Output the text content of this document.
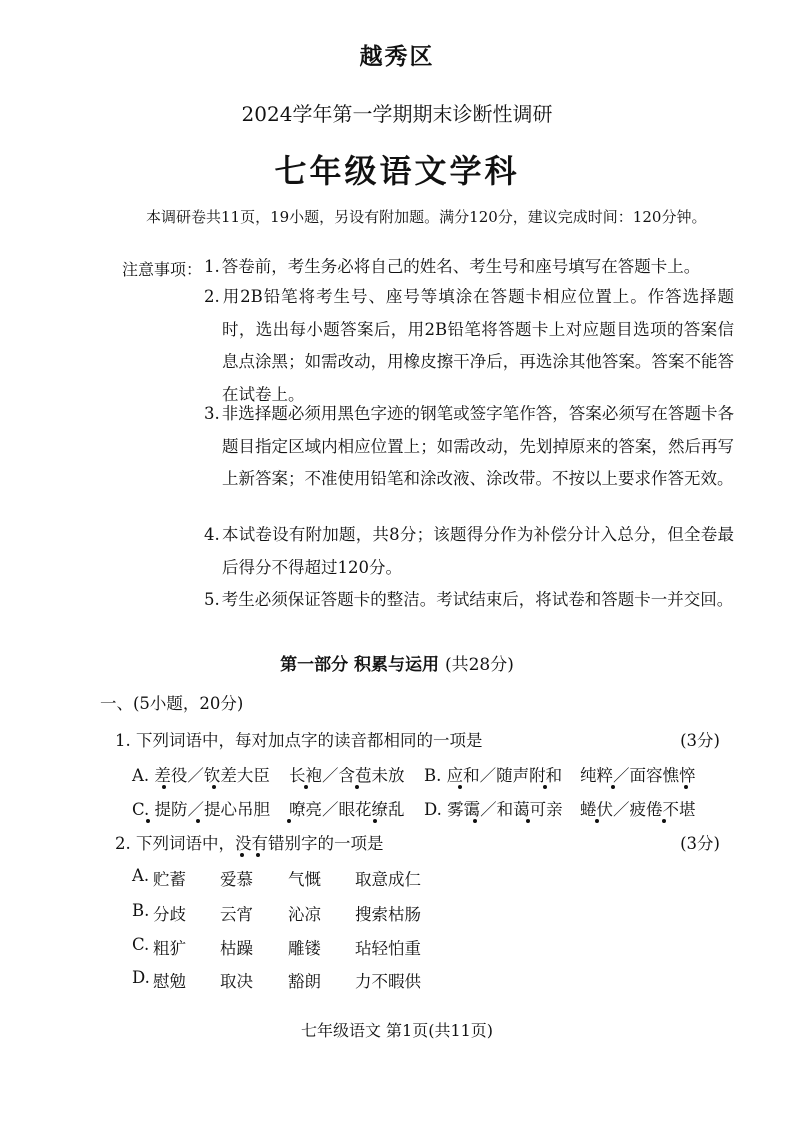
越秀区
2024学年第一学期期末诊断性调研
七年级语文学科
本调研卷共11页，19小题，另设有附加题。满分120分，建议完成时间：120分钟。
注意事项： 1. 答卷前，考生务必将自己的姓名、考生号和座号填写在答题卡上。
2. 用2B铅笔将考生号、座号等填涂在答题卡相应位置上。作答选择题时，选出每小题答案后，用2B铅笔将答题卡上对应题目选项的答案信息点涂黑；如需改动，用橡皮擦干净后，再选涂其他答案。答案不能答在试卷上。
3. 非选择题必须用黑色字迹的钢笔或签字笔作答，答案必须写在答题卡各题目指定区域内相应位置上；如需改动，先划掉原来的答案，然后再写上新答案；不准使用铅笔和涂改液、涂改带。不按以上要求作答无效。
4. 本试卷设有附加题，共8分；该题得分作为补偿分计入总分，但全卷最后得分不得超过120分。
5. 考生必须保证答题卡的整洁。考试结束后，将试卷和答题卡一并交回。
第一部分 积累与运用 (共28分)
一、(5小题，20分)
1. 下列词语中，每对加点字的读音都相同的一项是	(3分)
A. 差役／钦差大臣 长袍／含苞未放 B. 应和／随声附和 纯粹／面容憔悴
C. 提防／提心吊胆 嘹亮／眼花缭乱 D. 雾霭／和蔼可亲 蜷伏／疲倦不堪
2. 下列词语中，没有错别字的一项是	(3分)
A. 贮蓄 爱慕 气慨 取意成仁
B. 分歧 云宵 沁凉 搜索枯肠
C. 粗犷 枯躁 雕镂 玷轻怕重
D. 慰勉 取决 豁朗 力不暇供
七年级语文 第1页(共11页)
